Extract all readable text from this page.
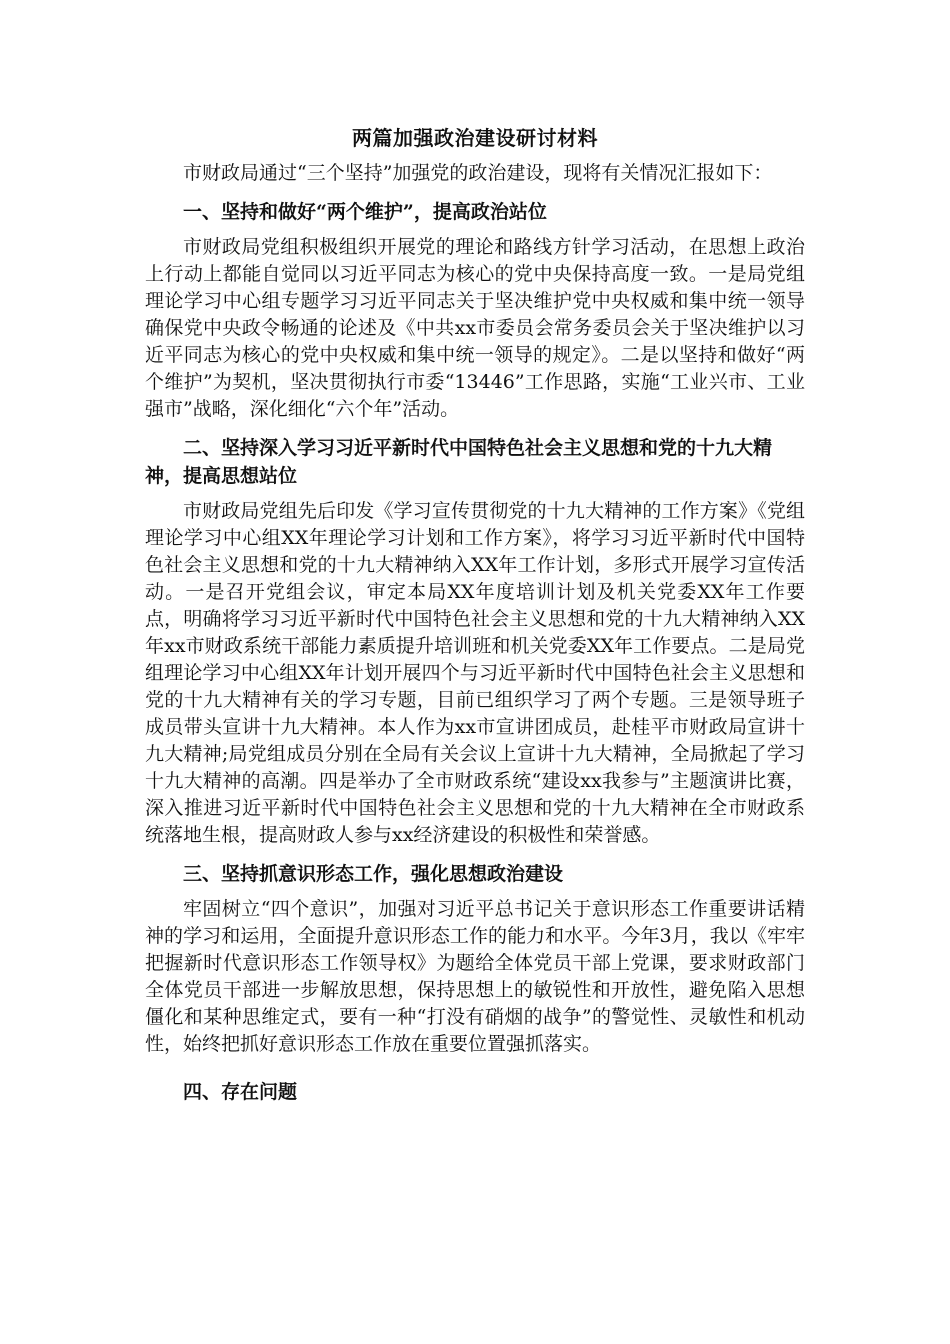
两篇加强政治建设研讨材料

市财政局通过“三个坚持”加强党的政治建设，现将有关情况汇报如下：

一、坚持和做好“两个维护”，提高政治站位

市财政局党组积极组织开展党的理论和路线方针学习活动，在思想上政治上行动上都能自觉同以习近平同志为核心的党中央保持高度一致。一是局党组理论学习中心组专题学习习近平同志关于坚决维护党中央权威和集中统一领导确保党中央政令畅通的论述及《中共xx市委员会常务委员会关于坚决维护以习近平同志为核心的党中央权威和集中统一领导的规定》。二是以坚持和做好“两个维护”为契机，坚决贯彻执行市委“13446”工作思路，实施“工业兴市、工业强市”战略，深化细化“六个年”活动。

二、坚持深入学习习近平新时代中国特色社会主义思想和党的十九大精神，提高思想站位

市财政局党组先后印发《学习宣传贯彻党的十九大精神的工作方案》《党组理论学习中心组XX年理论学习计划和工作方案》，将学习习近平新时代中国特色社会主义思想和党的十九大精神纳入XX年工作计划，多形式开展学习宣传活动。一是召开党组会议，审定本局XX年度培训计划及机关党委XX年工作要点，明确将学习习近平新时代中国特色社会主义思想和党的十九大精神纳入XX年xx市财政系统干部能力素质提升培训班和机关党委XX年工作要点。二是局党组理论学习中心组XX年计划开展四个与习近平新时代中国特色社会主义思想和党的十九大精神有关的学习专题，目前已组织学习了两个专题。三是领导班子成员带头宣讲十九大精神。本人作为xx市宣讲团成员，赴桂平市财政局宣讲十九大精神;局党组成员分别在全局有关会议上宣讲十九大精神，全局掀起了学习十九大精神的高潮。四是举办了全市财政系统“建设xx我参与”主题演讲比赛，深入推进习近平新时代中国特色社会主义思想和党的十九大精神在全市财政系统落地生根，提高财政人参与xx经济建设的积极性和荣誉感。

三、坚持抓意识形态工作，强化思想政治建设

牢固树立“四个意识”，加强对习近平总书记关于意识形态工作重要讲话精神的学习和运用，全面提升意识形态工作的能力和水平。今年3月，我以《牢牢把握新时代意识形态工作领导权》为题给全体党员干部上党课，要求财政部门全体党员干部进一步解放思想，保持思想上的敏锐性和开放性，避免陷入思想僵化和某种思维定式，要有一种“打没有硝烟的战争”的警觉性、灵敏性和机动性，始终把抓好意识形态工作放在重要位置强抓落实。

四、存在问题
